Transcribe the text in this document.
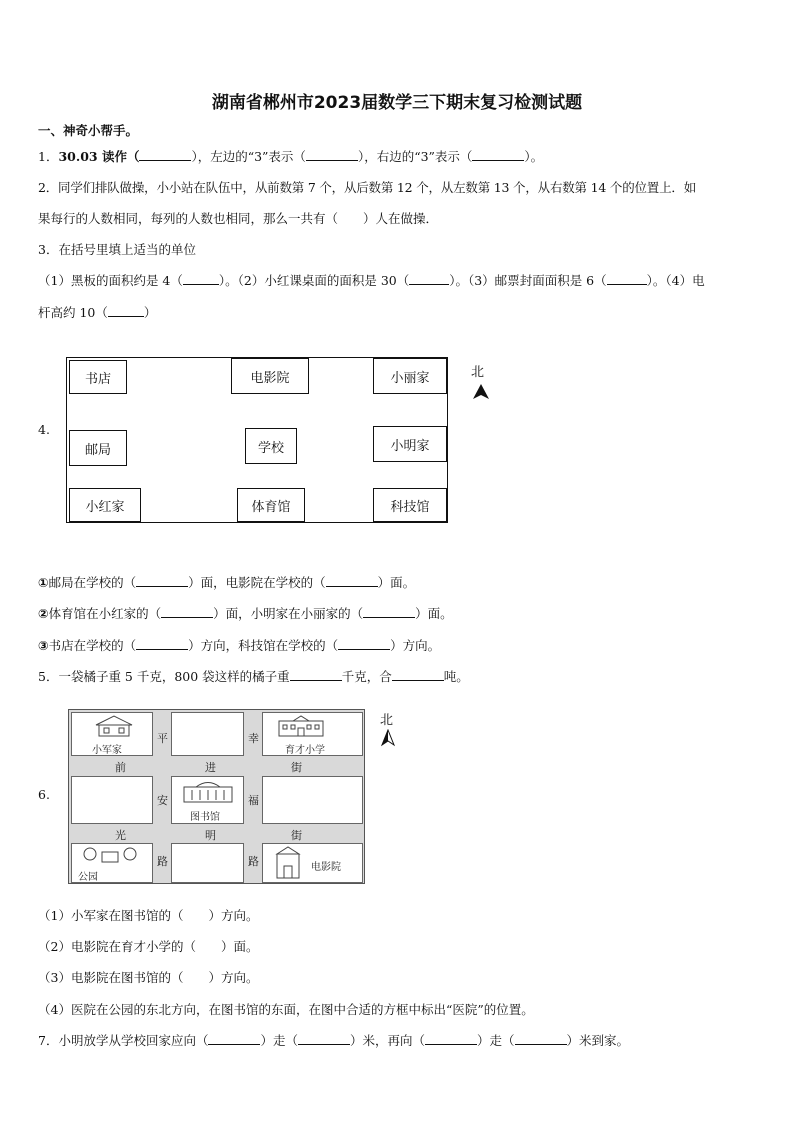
湖南省郴州市2023届数学三下期末复习检测试题
一、神奇小帮手。
1．30.03 读作（	），左边的“3”表示（	），右边的“3”表示（	）。
2．同学们排队做操，小小站在队伍中，从前数第 7 个，从后数第 12 个，从左数第 13 个，从右数第 14 个的位置上．如
果每行的人数相同，每列的人数也相同，那么一共有（　　）人在做操．
3．在括号里填上适当的单位
（1）黑板的面积约是 4（	）。（2）小红课桌面的面积是 30（	）。（3）邮票封面面积是 6（	）。（4）电
杆高约 10（	）
4.
书店	电影院	小丽家
邮局	学校	小明家
小红家	体育馆	科技馆
北
①邮局在学校的（	）面，电影院在学校的（	）面。
②体育馆在小红家的（	）面，小明家在小丽家的（	）面。
③书店在学校的（	）方向，科技馆在学校的（	）方向。
5．一袋橘子重 5 千克，800 袋这样的橘子重	千克，合	吨。
6.
小军家	育才小学
图书馆
公园
电影院
前	进	街
光	明	街
平
安
路
幸
福
路
北
（1）小军家在图书馆的（　　）方向。
（2）电影院在育才小学的（　　）面。
（3）电影院在图书馆的（　　）方向。
（4）医院在公园的东北方向，在图书馆的东面，在图中合适的方框中标出“医院”的位置。
7．小明放学从学校回家应向（	）走（	）米，再向（	）走（	）米到家。
